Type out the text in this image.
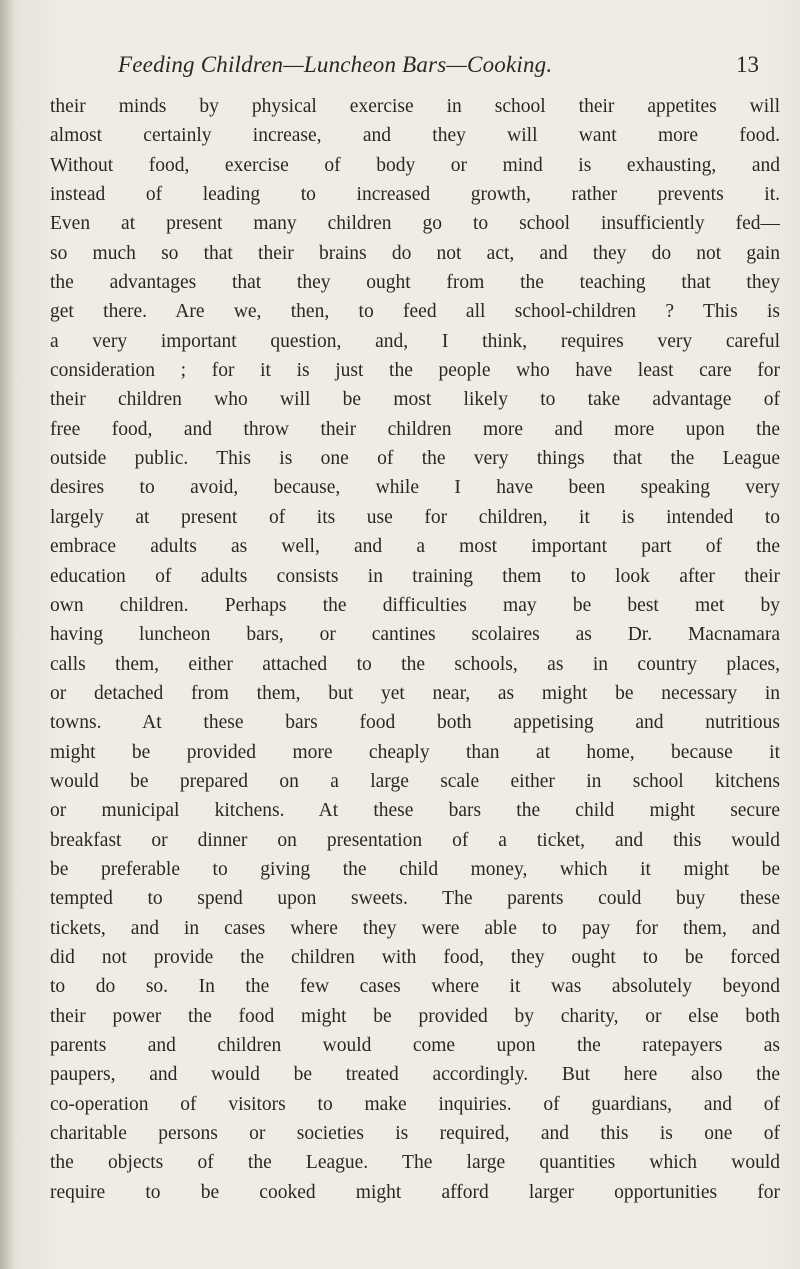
Feeding Children—Luncheon Bars—Cooking.	13
their minds by physical exercise in school their appetites will
almost certainly increase, and they will want more food.
Without food, exercise of body or mind is exhausting, and
instead of leading to increased growth, rather prevents it.
Even at present many children go to school insufficiently fed—
so much so that their brains do not act, and they do not gain
the advantages that they ought from the teaching that they
get there. Are we, then, to feed all school-children ? This is
a very important question, and, I think, requires very careful
consideration ; for it is just the people who have least care for
their children who will be most likely to take advantage of
free food, and throw their children more and more upon the
outside public. This is one of the very things that the League
desires to avoid, because, while I have been speaking very
largely at present of its use for children, it is intended to
embrace adults as well, and a most important part of the
education of adults consists in training them to look after their
own children. Perhaps the difficulties may be best met by
having luncheon bars, or cantines scolaires as Dr. Macnamara
calls them, either attached to the schools, as in country places,
or detached from them, but yet near, as might be necessary in
towns. At these bars food both appetising and nutritious
might be provided more cheaply than at home, because it
would be prepared on a large scale either in school kitchens
or municipal kitchens. At these bars the child might secure
breakfast or dinner on presentation of a ticket, and this would
be preferable to giving the child money, which it might be
tempted to spend upon sweets. The parents could buy these
tickets, and in cases where they were able to pay for them, and
did not provide the children with food, they ought to be forced
to do so. In the few cases where it was absolutely beyond
their power the food might be provided by charity, or else both
parents and children would come upon the ratepayers as
paupers, and would be treated accordingly. But here also the
co-operation of visitors to make inquiries. of guardians, and of
charitable persons or societies is required, and this is one of
the objects of the League. The large quantities which would
require to be cooked might afford larger opportunities for
